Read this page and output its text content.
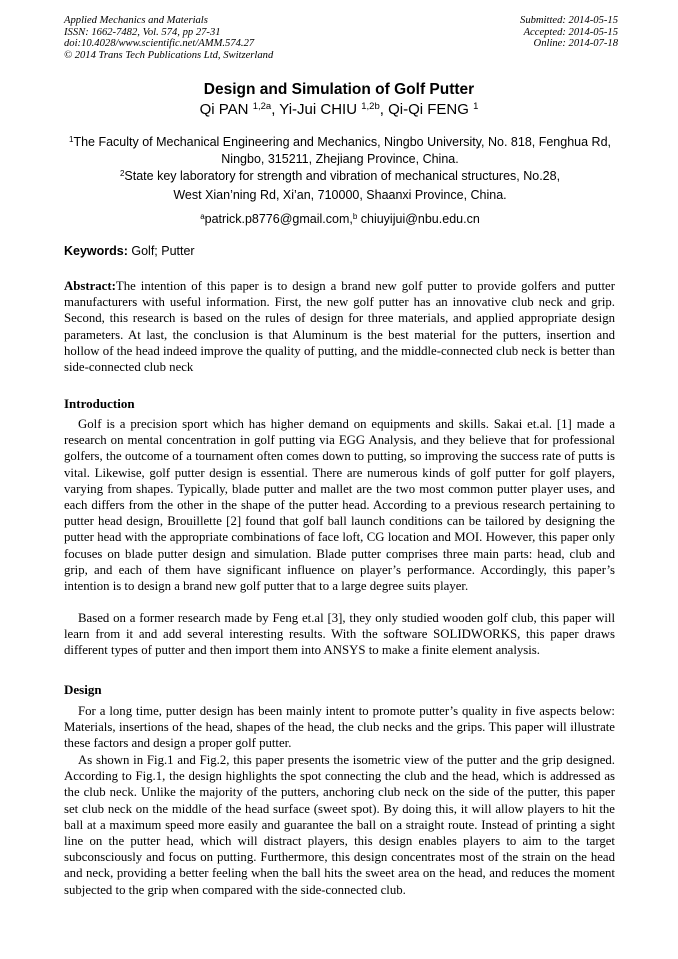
Applied Mechanics and Materials
ISSN: 1662-7482, Vol. 574, pp 27-31
doi:10.4028/www.scientific.net/AMM.574.27
© 2014 Trans Tech Publications Ltd, Switzerland
Submitted: 2014-05-15
Accepted: 2014-05-15
Online: 2014-07-18
Design and Simulation of Golf Putter
Qi PAN $^{1,2a}$, Yi-Jui CHIU $^{1,2b}$, Qi-Qi FENG $^1$
$^1$The Faculty of Mechanical Engineering and Mechanics, Ningbo University, No. 818, Fenghua Rd,
Ningbo, 315211, Zhejiang Province, China.
$^2$State key laboratory for strength and vibration of mechanical structures, No.28,
West Xian’ning Rd, Xi’an, 710000, Shaanxi Province, China.
$^a$patrick.p8776@gmail.com,$^b$ chiuyijui@nbu.edu.cn
Keywords: Golf; Putter
Abstract:The intention of this paper is to design a brand new golf putter to provide golfers and putter manufacturers with useful information. First, the new golf putter has an innovative club neck and grip. Second, this research is based on the rules of design for three materials, and applied appropriate design parameters. At last, the conclusion is that Aluminum is the best material for the putters, insertion and hollow of the head indeed improve the quality of putting, and the middle-connected club neck is better than side-connected club neck
Introduction
Golf is a precision sport which has higher demand on equipments and skills. Sakai et.al. [1] made a research on mental concentration in golf putting via EGG Analysis, and they believe that for professional golfers, the outcome of a tournament often comes down to putting, so improving the success rate of putts is vital. Likewise, golf putter design is essential. There are numerous kinds of golf putter for golf players, varying from shapes. Typically, blade putter and mallet are the two most common putter player uses, and each differs from the other in the shape of the putter head. According to a previous research pertaining to putter head design, Brouillette [2] found that golf ball launch conditions can be tailored by designing the putter head with the appropriate combinations of face loft, CG location and MOI. However, this paper only focuses on blade putter design and simulation. Blade putter comprises three main parts: head, club and grip, and each of them have significant influence on player’s performance. Accordingly, this paper’s intention is to design a brand new golf putter that to a large degree suits player.
Based on a former research made by Feng et.al [3], they only studied wooden golf club, this paper will learn from it and add several interesting results. With the software SOLIDWORKS, this paper draws different types of putter and then import them into ANSYS to make a finite element analysis.
Design
For a long time, putter design has been mainly intent to promote putter’s quality in five aspects below: Materials, insertions of the head, shapes of the head, the club necks and the grips. This paper will illustrate these factors and design a proper golf putter.
As shown in Fig.1 and Fig.2, this paper presents the isometric view of the putter and the grip designed. According to Fig.1, the design highlights the spot connecting the club and the head, which is addressed as the club neck. Unlike the majority of the putters, anchoring club neck on the side of the putter, this paper set club neck on the middle of the head surface (sweet spot). By doing this, it will allow players to hit the ball at a maximum speed more easily and guarantee the ball on a straight route. Instead of printing a sight line on the putter head, which will distract players, this design enables players to aim to the target subconsciously and focus on putting. Furthermore, this design concentrates most of the strain on the head and neck, providing a better feeling when the ball hits the sweet area on the head, and reduces the moment subjected to the grip when compared with the side-connected club.
